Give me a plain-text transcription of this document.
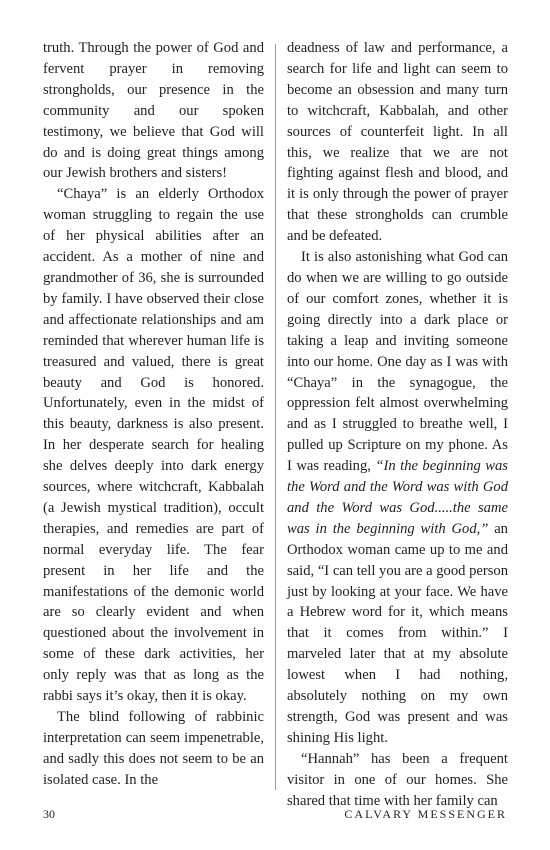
truth. Through the power of God and fervent prayer in removing strongholds, our presence in the community and our spoken testimony, we believe that God will do and is doing great things among our Jewish brothers and sisters!

“Chaya” is an elderly Orthodox woman struggling to regain the use of her physical abilities after an accident. As a mother of nine and grandmother of 36, she is surrounded by family. I have observed their close and affectionate relationships and am reminded that wherever human life is treasured and valued, there is great beauty and God is honored. Unfortunately, even in the midst of this beauty, darkness is also present. In her desperate search for healing she delves deeply into dark energy sources, where witchcraft, Kabbalah (a Jewish mystical tradition), occult therapies, and remedies are part of normal everyday life. The fear present in her life and the manifestations of the demonic world are so clearly evident and when questioned about the involvement in some of these dark activities, her only reply was that as long as the rabbi says it’s okay, then it is okay.

The blind following of rabbinic interpretation can seem impenetrable, and sadly this does not seem to be an isolated case. In the

deadness of law and performance, a search for life and light can seem to become an obsession and many turn to witchcraft, Kabbalah, and other sources of counterfeit light. In all this, we realize that we are not fighting against flesh and blood, and it is only through the power of prayer that these strongholds can crumble and be defeated.

It is also astonishing what God can do when we are willing to go outside of our comfort zones, whether it is going directly into a dark place or taking a leap and inviting someone into our home. One day as I was with “Chaya” in the synagogue, the oppression felt almost overwhelming and as I struggled to breathe well, I pulled up Scripture on my phone. As I was reading, “In the beginning was the Word and the Word was with God and the Word was God.....the same was in the beginning with God,” an Orthodox woman came up to me and said, “I can tell you are a good person just by looking at your face. We have a Hebrew word for it, which means that it comes from within.” I marveled later that at my absolute lowest when I had nothing, absolutely nothing on my own strength, God was present and was shining His light.

“Hannah” has been a frequent visitor in one of our homes. She shared that time with her family can

30	CALVARY MESSENGER
